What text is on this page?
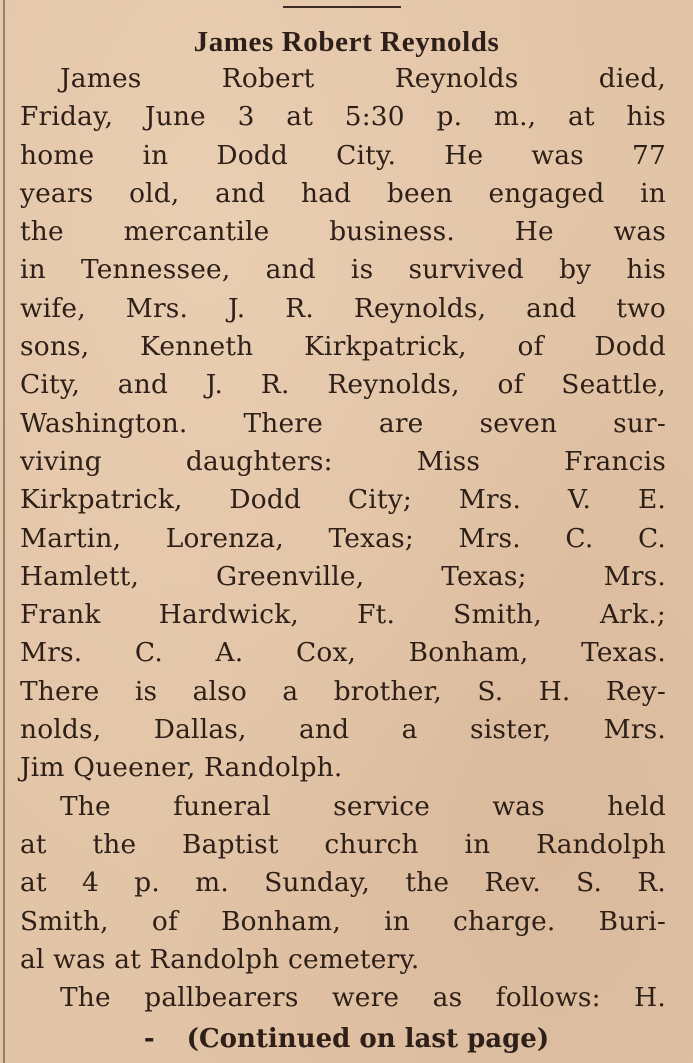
James Robert Reynolds
James Robert Reynolds died,
Friday, June 3 at 5:30 p. m., at his
home in Dodd City. He was 77
years old, and had been engaged in
the mercantile business. He was
in Tennessee, and is survived by his
wife, Mrs. J. R. Reynolds, and two
sons, Kenneth Kirkpatrick, of Dodd
City, and J. R. Reynolds, of Seattle,
Washington. There are seven sur-
viving daughters: Miss Francis
Kirkpatrick, Dodd City; Mrs. V. E.
Martin, Lorenza, Texas; Mrs. C. C.
Hamlett, Greenville, Texas; Mrs.
Frank Hardwick, Ft. Smith, Ark.;
Mrs. C. A. Cox, Bonham, Texas.
There is also a brother, S. H. Rey-
nolds, Dallas, and a sister, Mrs.
Jim Queener, Randolph.
The funeral service was held
at the Baptist church in Randolph
at 4 p. m. Sunday, the Rev. S. R.
Smith, of Bonham, in charge. Buri-
al was at Randolph cemetery.
The pallbearers were as follows: H.
- (Continued on last page)
